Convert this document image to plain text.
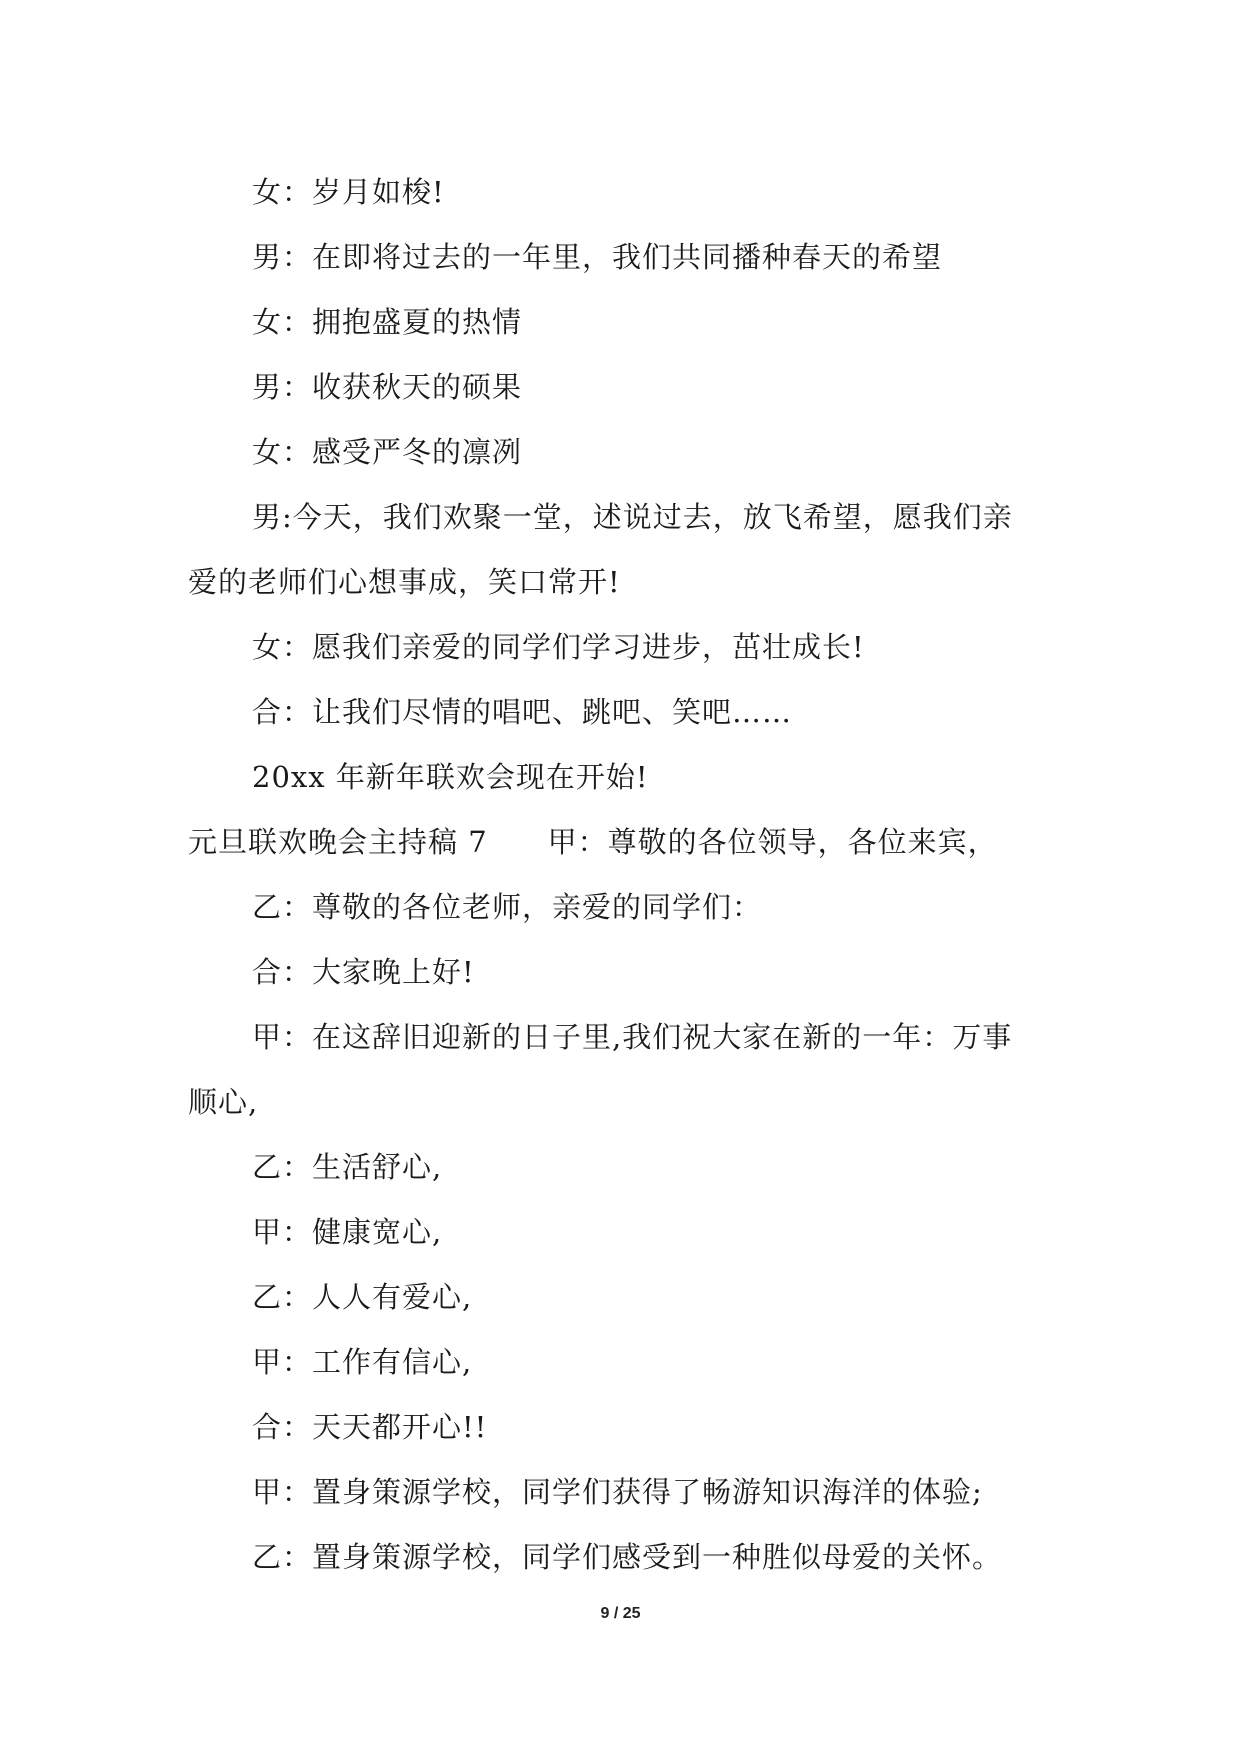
女：岁月如梭!
男：在即将过去的一年里，我们共同播种春天的希望
女：拥抱盛夏的热情
男：收获秋天的硕果
女：感受严冬的凛冽
男:今天，我们欢聚一堂，述说过去，放飞希望，愿我们亲
爱的老师们心想事成，笑口常开!
女：愿我们亲爱的同学们学习进步，茁壮成长!
合：让我们尽情的唱吧、跳吧、笑吧……
20xx 年新年联欢会现在开始!
元旦联欢晚会主持稿 7 甲：尊敬的各位领导，各位来宾，
乙：尊敬的各位老师，亲爱的同学们：
合：大家晚上好!
甲：在这辞旧迎新的日子里,我们祝大家在新的一年：万事
顺心,
乙：生活舒心,
甲：健康宽心,
乙：人人有爱心,
甲：工作有信心,
合：天天都开心!!
甲：置身策源学校，同学们获得了畅游知识海洋的体验;
乙：置身策源学校，同学们感受到一种胜似母爱的关怀。
9 / 25
